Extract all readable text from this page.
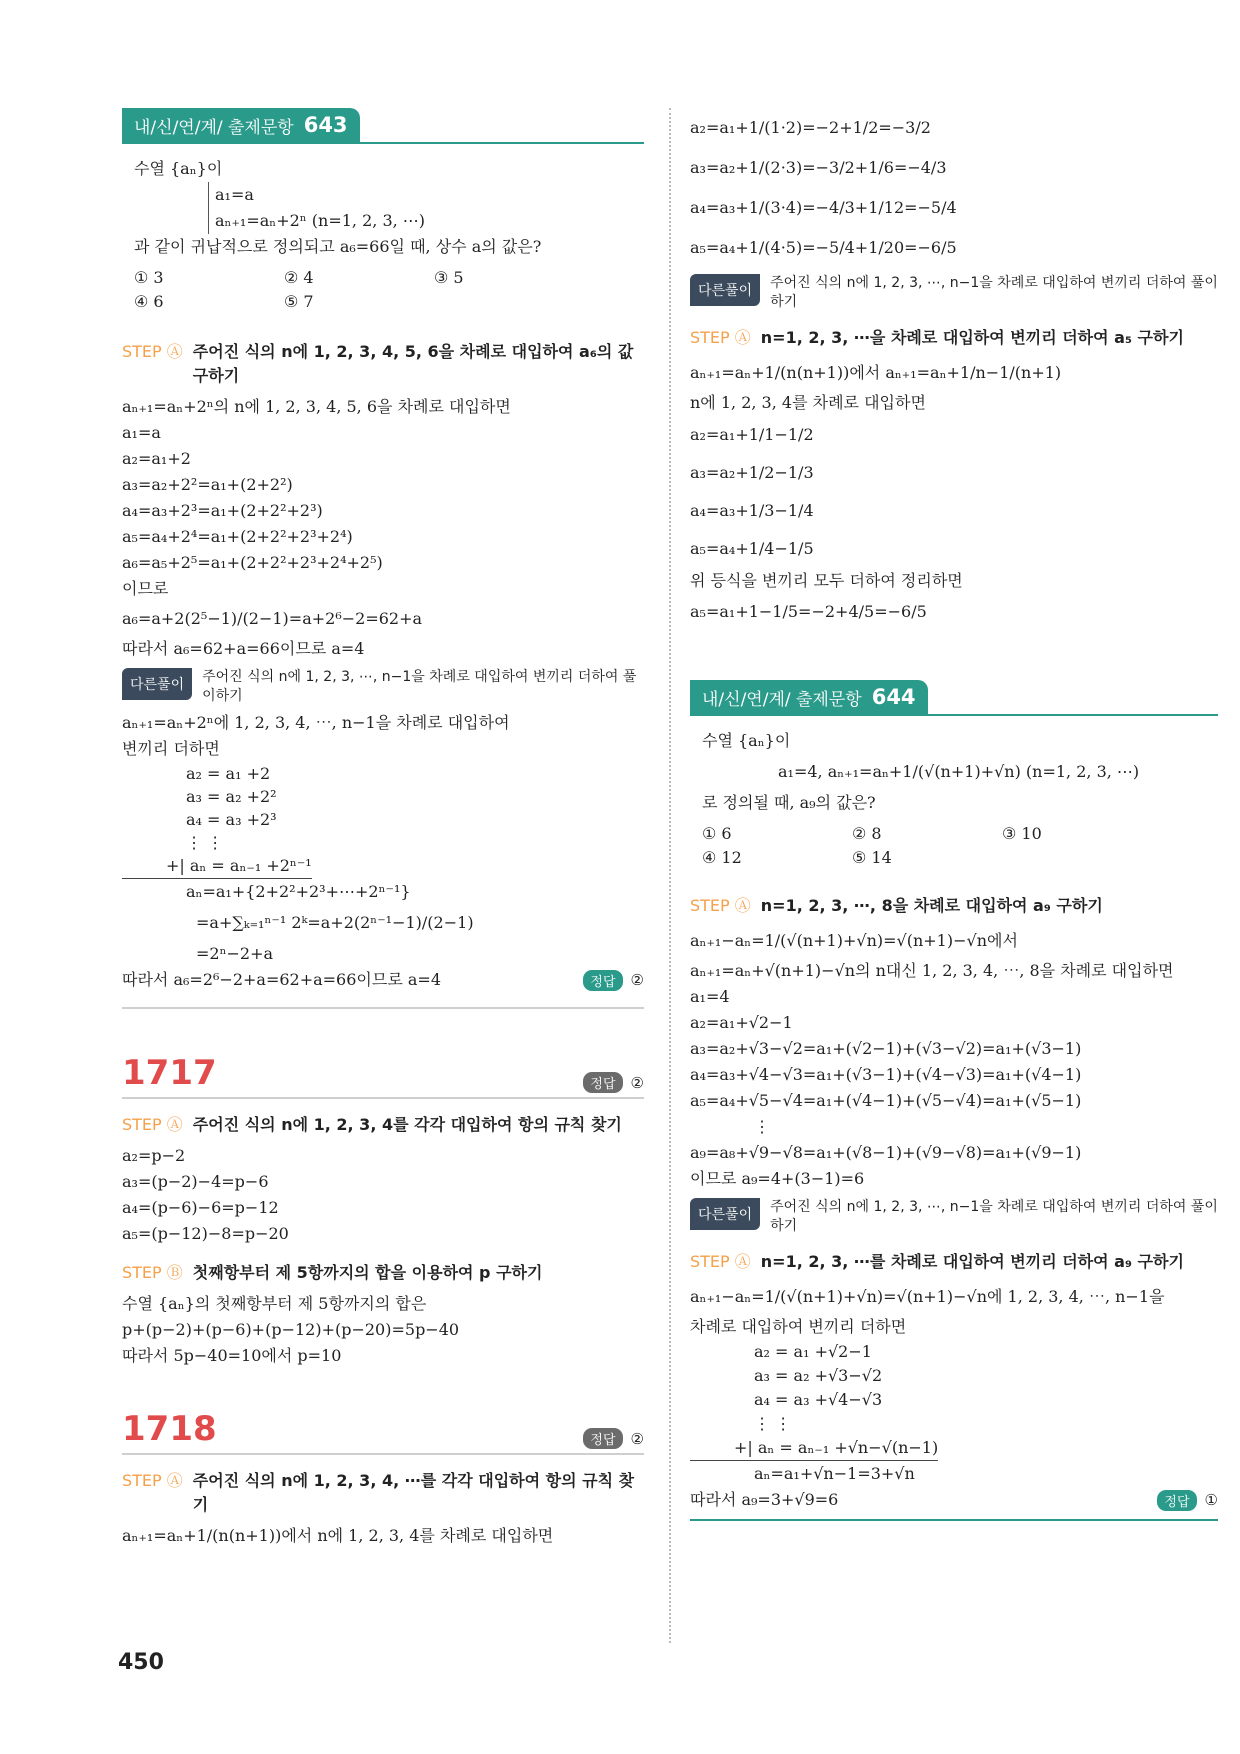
내/신/연/계/ 출제문항 643
수열 {aₙ}이
a₁=a
aₙ₊₁=aₙ+2ⁿ (n=1, 2, 3, ⋯)
과 같이 귀납적으로 정의되고 a₆=66일 때, 상수 a의 값은?
① 3	② 4	③ 5
④ 6	⑤ 7
STEP Ⓐ 주어진 식의 n에 1, 2, 3, 4, 5, 6을 차례로 대입하여 a₆의 값 구하기
aₙ₊₁=aₙ+2ⁿ의 n에 1, 2, 3, 4, 5, 6을 차례로 대입하면
a₁=a
a₂=a₁+2
a₃=a₂+2²=a₁+(2+2²)
a₄=a₃+2³=a₁+(2+2²+2³)
a₅=a₄+2⁴=a₁+(2+2²+2³+2⁴)
a₆=a₅+2⁵=a₁+(2+2²+2³+2⁴+2⁵)
이므로
a₆=a+2(2⁵−1)/(2−1)=a+2⁶−2=62+a
따라서 a₆=62+a=66이므로 a=4
다른풀이	주어진 식의 n에 1, 2, 3, ⋯, n−1을 차례로 대입하여 변끼리 더하여 풀이하기
aₙ₊₁=aₙ+2ⁿ에 1, 2, 3, 4, ⋯, n−1을 차례로 대입하여
변끼리 더하면
a₂ = a₁ +2
a₃ = a₂ +2²
a₄ = a₃ +2³
⋮ ⋮
+| aₙ = aₙ₋₁ +2ⁿ⁻¹
aₙ=a₁+{2+2²+2³+⋯+2ⁿ⁻¹}
=a+∑ₖ₌₁ⁿ⁻¹ 2ᵏ=a+2(2ⁿ⁻¹−1)/(2−1)
=2ⁿ−2+a
따라서 a₆=2⁶−2+a=62+a=66이므로 a=4	정답	②
1717	정답	②
STEP Ⓐ 주어진 식의 n에 1, 2, 3, 4를 각각 대입하여 항의 규칙 찾기
a₂=p−2
a₃=(p−2)−4=p−6
a₄=(p−6)−6=p−12
a₅=(p−12)−8=p−20
STEP Ⓑ 첫째항부터 제 5항까지의 합을 이용하여 p 구하기
수열 {aₙ}의 첫째항부터 제 5항까지의 합은
p+(p−2)+(p−6)+(p−12)+(p−20)=5p−40
따라서 5p−40=10에서 p=10
1718	정답	②
STEP Ⓐ 주어진 식의 n에 1, 2, 3, 4, ⋯를 각각 대입하여 항의 규칙 찾기
aₙ₊₁=aₙ+1/(n(n+1))에서 n에 1, 2, 3, 4를 차례로 대입하면
a₂=a₁+1/(1·2)=−2+1/2=−3/2
a₃=a₂+1/(2·3)=−3/2+1/6=−4/3
a₄=a₃+1/(3·4)=−4/3+1/12=−5/4
a₅=a₄+1/(4·5)=−5/4+1/20=−6/5
다른풀이	주어진 식의 n에 1, 2, 3, ⋯, n−1을 차례로 대입하여 변끼리 더하여 풀이하기
STEP Ⓐ n=1, 2, 3, ⋯을 차례로 대입하여 변끼리 더하여 a₅ 구하기
aₙ₊₁=aₙ+1/(n(n+1))에서 aₙ₊₁=aₙ+1/n−1/(n+1)
n에 1, 2, 3, 4를 차례로 대입하면
a₂=a₁+1/1−1/2
a₃=a₂+1/2−1/3
a₄=a₃+1/3−1/4
a₅=a₄+1/4−1/5
위 등식을 변끼리 모두 더하여 정리하면
a₅=a₁+1−1/5=−2+4/5=−6/5
내/신/연/계/ 출제문항 644
수열 {aₙ}이
a₁=4, aₙ₊₁=aₙ+1/(√(n+1)+√n) (n=1, 2, 3, ⋯)
로 정의될 때, a₉의 값은?
① 6	② 8	③ 10
④ 12	⑤ 14
STEP Ⓐ n=1, 2, 3, ⋯, 8을 차례로 대입하여 a₉ 구하기
aₙ₊₁−aₙ=1/(√(n+1)+√n)=√(n+1)−√n에서
aₙ₊₁=aₙ+√(n+1)−√n의 n대신 1, 2, 3, 4, ⋯, 8을 차례로 대입하면
a₁=4
a₂=a₁+√2−1
a₃=a₂+√3−√2=a₁+(√2−1)+(√3−√2)=a₁+(√3−1)
a₄=a₃+√4−√3=a₁+(√3−1)+(√4−√3)=a₁+(√4−1)
a₅=a₄+√5−√4=a₁+(√4−1)+(√5−√4)=a₁+(√5−1)
⋮
a₉=a₈+√9−√8=a₁+(√8−1)+(√9−√8)=a₁+(√9−1)
이므로 a₉=4+(3−1)=6
다른풀이	주어진 식의 n에 1, 2, 3, ⋯, n−1을 차례로 대입하여 변끼리 더하여 풀이하기
STEP Ⓐ n=1, 2, 3, ⋯를 차례로 대입하여 변끼리 더하여 a₉ 구하기
aₙ₊₁−aₙ=1/(√(n+1)+√n)=√(n+1)−√n에 1, 2, 3, 4, ⋯, n−1을
차례로 대입하여 변끼리 더하면
a₂ = a₁ +√2−1
a₃ = a₂ +√3−√2
a₄ = a₃ +√4−√3
⋮ ⋮
+| aₙ = aₙ₋₁ +√n−√(n−1)
aₙ=a₁+√n−1=3+√n
따라서 a₉=3+√9=6	정답	①
450
